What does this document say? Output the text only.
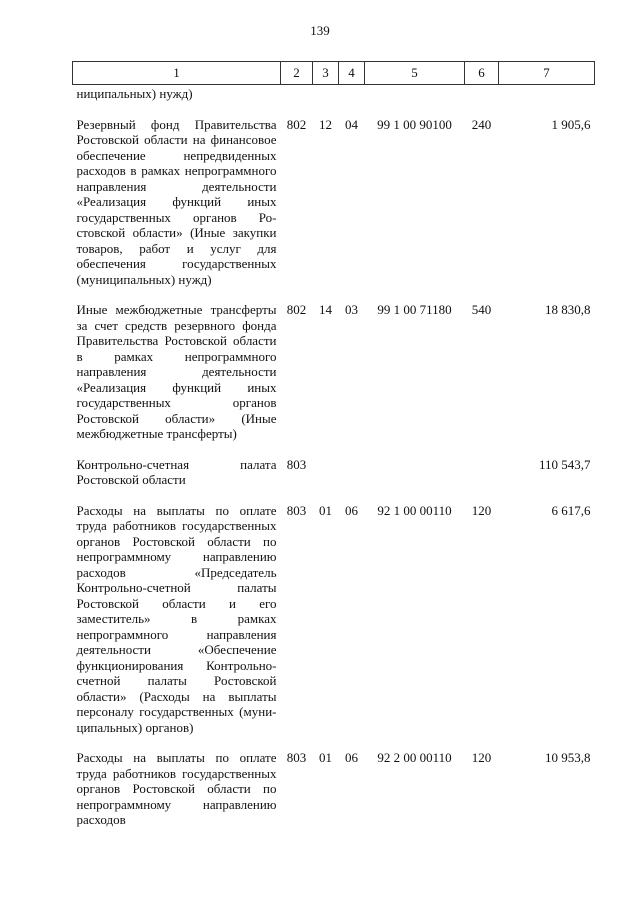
139
1	2	3	4	5	6	7
ниципальных) нужд)						

Резервный фонд Правительства Ростовской области на финансовое обеспечение непредвиденных расходов в рамках непрограммного направления деятельности «Реализация функций иных государственных органов Ростовской области» (Иные закупки товаров, работ и услуг для обеспечения государственных (муниципальных) нужд)	802	12	04	99 1 00 90100	240	1 905,6

Иные межбюджетные трансферты за счет средств резервного фонда Правительства Ростовской области в рамках непрограммного направления деятельности «Реализация функций иных государственных органов Ростовской области» (Иные межбюджетные трансферты)	802	14	03	99 1 00 71180	540	18 830,8

Контрольно-счетная палата Ростовской области	803					110 543,7

Расходы на выплаты по оплате труда работников государственных органов Ростовской области по непрограммному направлению расходов «Председатель Контрольно-счетной палаты Ростовской области и его заместитель» в рамках непрограммного направления деятельности «Обеспечение функционирования Контрольно-счетной палаты Ростовской области» (Расходы на выплаты персоналу государственных (муниципальных) органов)	803	01	06	92 1 00 00110	120	6 617,6

Расходы на выплаты по оплате труда работников государственных органов Ростовской области по непрограммному направлению расходов	803	01	06	92 2 00 00110	120	10 953,8
